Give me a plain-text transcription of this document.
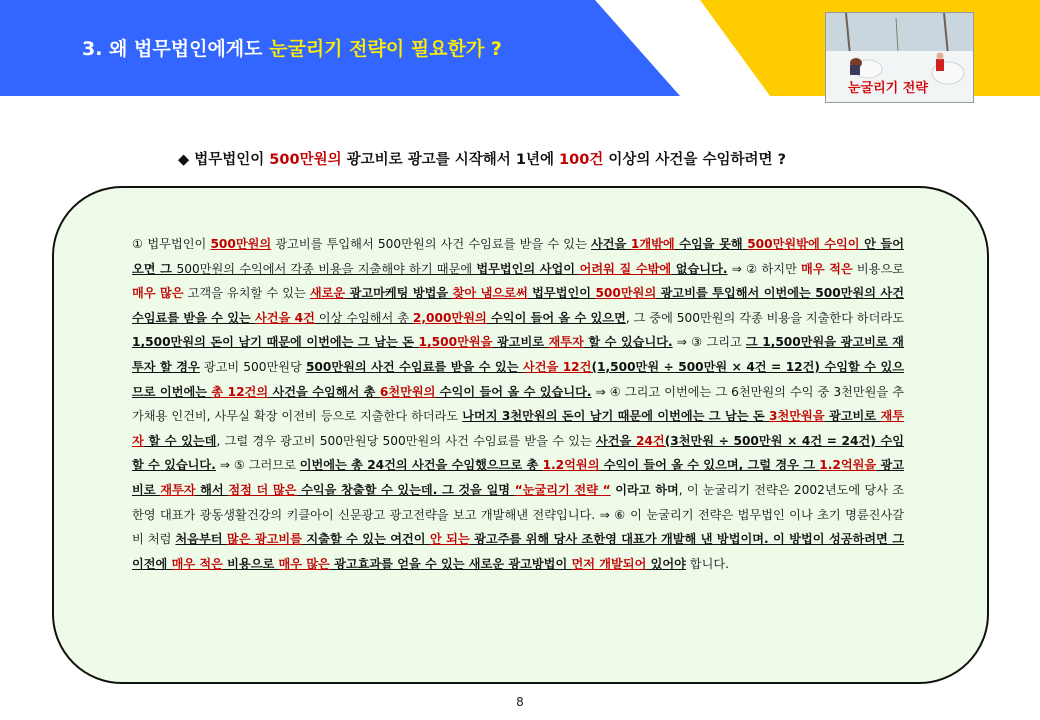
3. 왜 법무법인에게도 눈굴리기 전략이 필요한가 ?
눈굴리기 전략
◆ 법무법인이 500만원의 광고비로 광고를 시작해서 1년에 100건 이상의 사건을 수임하려면 ?
① 법무법인이 500만원의 광고비를 투입해서 500만원의 사건 수임료를 받을 수 있는 사건을 1개밖에 수임을 못해 500만원밖에 수익이 안 들어 오면 그 500만원의 수익에서 각종 비용을 지출해야 하기 때문에 법무법인의 사업이 어려워 질 수밖에 없습니다. ⇒ ② 하지만 매우 적은 비용으로 매우 많은 고객을 유치할 수 있는 새로운 광고마케팅 방법을 찾아 냄으로써 법무법인이 500만원의 광고비를 투입해서 이번에는 500만원의 사건 수임료를 받을 수 있는 사건을 4건 이상 수임해서 총 2,000만원의 수익이 들어 올 수 있으면, 그 중에 500만원의 각종 비용을 지출한다 하더라도 1,500만원의 돈이 남기 때문에 이번에는 그 남는 돈 1,500만원을 광고비로 재투자 할 수 있습니다. ⇒ ③ 그리고 그 1,500만원을 광고비로 재투자 할 경우 광고비 500만원당 500만원의 사건 수임료를 받을 수 있는 사건을 12건(1,500만원 ÷ 500만원 × 4건 = 12건) 수임할 수 있으므로 이번에는 총 12건의 사건을 수임해서 총 6천만원의 수익이 들어 올 수 있습니다. ⇒ ④ 그리고 이번에는 그 6천만원의 수익 중 3천만원을 추가채용 인건비, 사무실 확장 이전비 등으로 지출한다 하더라도 나머지 3천만원의 돈이 남기 때문에 이번에는 그 남는 돈 3천만원을 광고비로 재투자 할 수 있는데, 그럴 경우 광고비 500만원당 500만원의 사건 수임료를 받을 수 있는 사건을 24건(3천만원 ÷ 500만원 × 4건 = 24건) 수임할 수 있습니다. ⇒ ⑤ 그러므로 이번에는 총 24건의 사건을 수임했으므로 총 1.2억원의 수익이 들어 올 수 있으며, 그럴 경우 그 1.2억원을 광고비로 재투자 해서 점점 더 많은 수익을 창출할 수 있는데. 그 것을 일명 “눈굴리기 전략 “ 이라고 하며, 이 눈굴리기 전략은 2002년도에 당사 조한영 대표가 광동생활건강의 키클아이 신문광고 광고전략을 보고 개발해낸 전략입니다. ⇒ ⑥ 이 눈굴리기 전략은 법무법인 이나 초기 명륜진사갈비 처럼 처음부터 많은 광고비를 지출할 수 있는 여건이 안 되는 광고주를 위해 당사 조한영 대표가 개발해 낸 방법이며. 이 방법이 성공하려면 그 이전에 매우 적은 비용으로 매우 많은 광고효과를 얻을 수 있는 새로운 광고방법이 먼저 개발되어 있어야 합니다.
8
